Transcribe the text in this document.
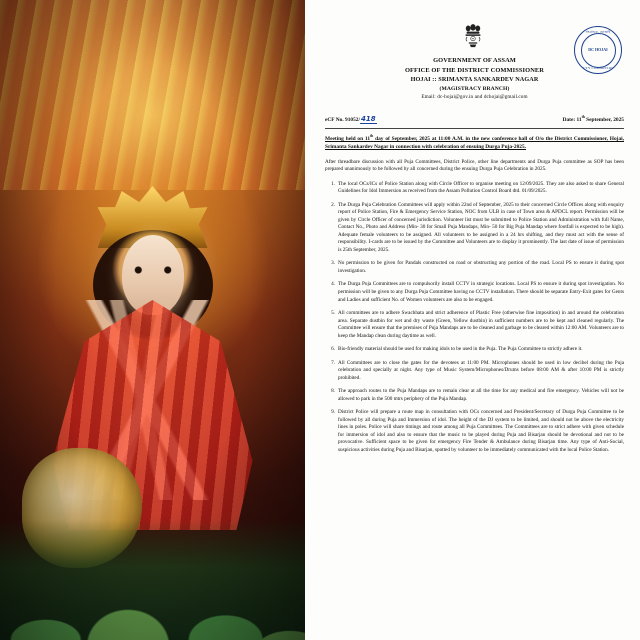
সংগ্রাহক, হোজাই
DC HOJAI
DEPUTY COMMISSIONER
GOVERNMENT OF ASSAM
OFFICE OF THE DISTRICT COMMISSIONER
HOJAI :: SRIMANTA SANKARDEV NAGAR
(MAGISTRACY BRANCH)
Email: dc-hojai@gov.in and dchojai@gmail.com
eCF No. 91052/418	Date: 11th September, 2025
Meeting held on 11th day of September, 2025 at 11:00 A.M. in the new conference hall of O/o the District Commissioner, Hojai, Srimanta Sankardev Nagar in connection with celebration of ensuing Durga Puja-2025.
After threadbare discussion with all Puja Committees, District Police, other line departments and Durga Puja committee as SOP has been prepared unanimously to be followed by all concerned during the ensuing Durga Puja Celebration in 2025.
The local OCs/ICs of Police Station along with Circle Officer to organise meeting on 12/09/2025. They are also asked to share General Guidelines for Idol Immersion as received from the Assam Pollution Control Board dtd. 01/09/2025.
The Durga Puja Celebration Committees will apply within 22nd of September, 2025 to their concerned Circle Offices along with enquiry report of Police Station, Fire & Emergency Service Station, NOC from ULB in case of Town area & APDCL report. Permission will be given by Circle Officer of concerned jurisdiction. Volunteer list must be submitted to Police Station and Administration with full Name, Contact No., Photo and Address (Min- 30 for Small Puja Mandaps, Min- 50 for Big Puja Mandap where footfall is expected to be high). Adequate female volunteers to be assigned. All volunteers to be assigned in a 24 hrs shifting, and they must act with the sense of responsibility. I-cards are to be issued by the Committee and Volunteers are to display it prominently. The last date of issue of permission is 25th September, 2025.
No permission to be given for Pandals constructed on road or obstructing any portion of the road. Local PS to ensure it during spot investigation.
The Durga Puja Committees are to compulsorily install CCTV in strategic locations. Local PS to ensure it during spot investigation. No permission will be given to any Durga Puja Committee having no CCTV installation. There should be separate Entry-Exit gates for Gents and Ladies and sufficient No. of Women volunteers are also to be engaged.
All committees are to adhere Swachhata and strict adherence of Plastic Free (otherwise fine imposition) in and around the celebration area. Separate dustbin for wet and dry waste (Green, Yellow dustbin) in sufficient numbers are to be kept and cleaned regularly. The Committee will ensure that the premises of Puja Mandaps are to be cleaned and garbage to be cleared within 12:00 AM. Volunteers are to keep the Mandap clean during daytime as well.
Bio-friendly material should be used for making idols to be used in the Puja. The Puja Committee to strictly adhere it.
All Committees are to close the gates for the devotees at 11:00 PM. Microphones should be used in low decibel during the Puja celebration and specially at night. Any type of Music System/Microphones/Drums before 08:00 AM & after 10:00 PM is strictly prohibited.
The approach routes to the Puja Mandaps are to remain clear at all the time for any medical and fire emergency. Vehicles will not be allowed to park in the 500 mtrs periphery of the Puja Mandap.
District Police will prepare a route map in consultation with OCs concerned and President/Secretary of Durga Puja Committee to be followed by all during Puja and Immersion of idol. The height of the DJ system to be limited, and should not be above the electricity lines in poles. Police will share timings and route among all Puja Committees. The Committees are to strict adhere with given schedule for immersion of idol and also to ensure that the music to be played during Puja and Bisarjan should be devotional and not to be provocative. Sufficient space to be given for emergency Fire Tender & Ambulance during Bisarjan time. Any type of Anti-Social, suspicious activities during Puja and Bisarjan, spotted by volunteer to be immediately communicated with the local Police Station.
